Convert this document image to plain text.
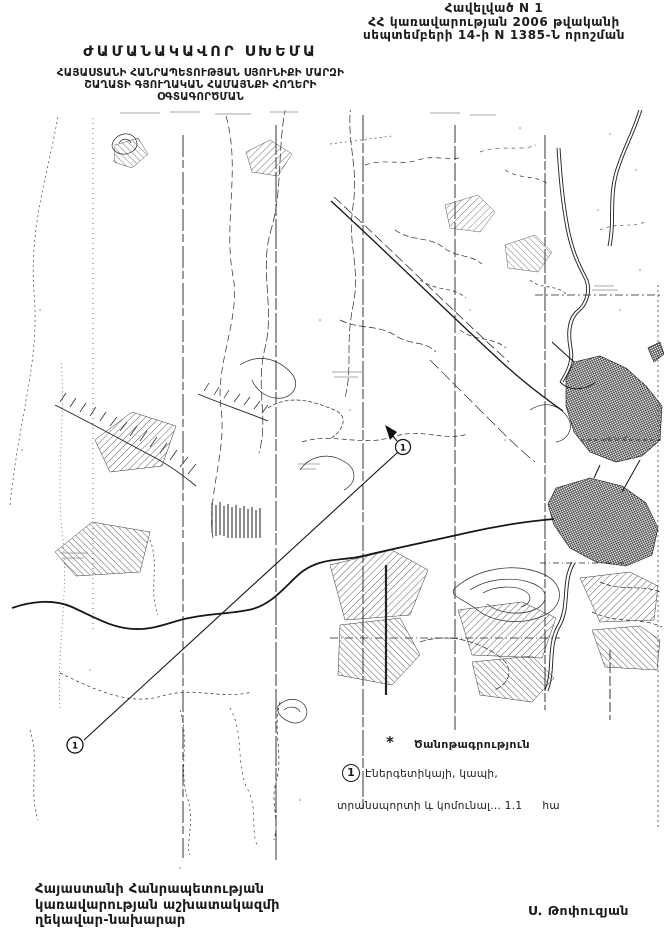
Հավելված N 1
ՀՀ կառավարության 2006 թվականի
սեպտեմբերի 14-ի N 1385-Ն որոշման
ԺԱՄԱՆԱԿԱՎՈՐ ՍԽԵՄԱ
ՀԱՅԱՍՏԱՆԻ ՀԱՆՐԱՊԵՏՈՒԹՅԱՆ ՍՅՈՒՆԻՔԻ ՄԱՐԶԻ
ՇԱՂԱՏԻ ԳՅՈՒՂԱԿԱՆ ՀԱՄԱՅՆՔԻ ՀՈՂԵՐԻ
ՕԳՏԱԳՈՐԾՄԱՆ
1
1	* Ծանոթագրություն
1 Էներգետիկայի, կապի,
տրանսպորտի և կոմունալ... 1.1 հա
Հայաստանի Հանրապետության
կառավարության աշխատակազմի
ղեկավար-նախարար
Ս. Թոփուզյան
